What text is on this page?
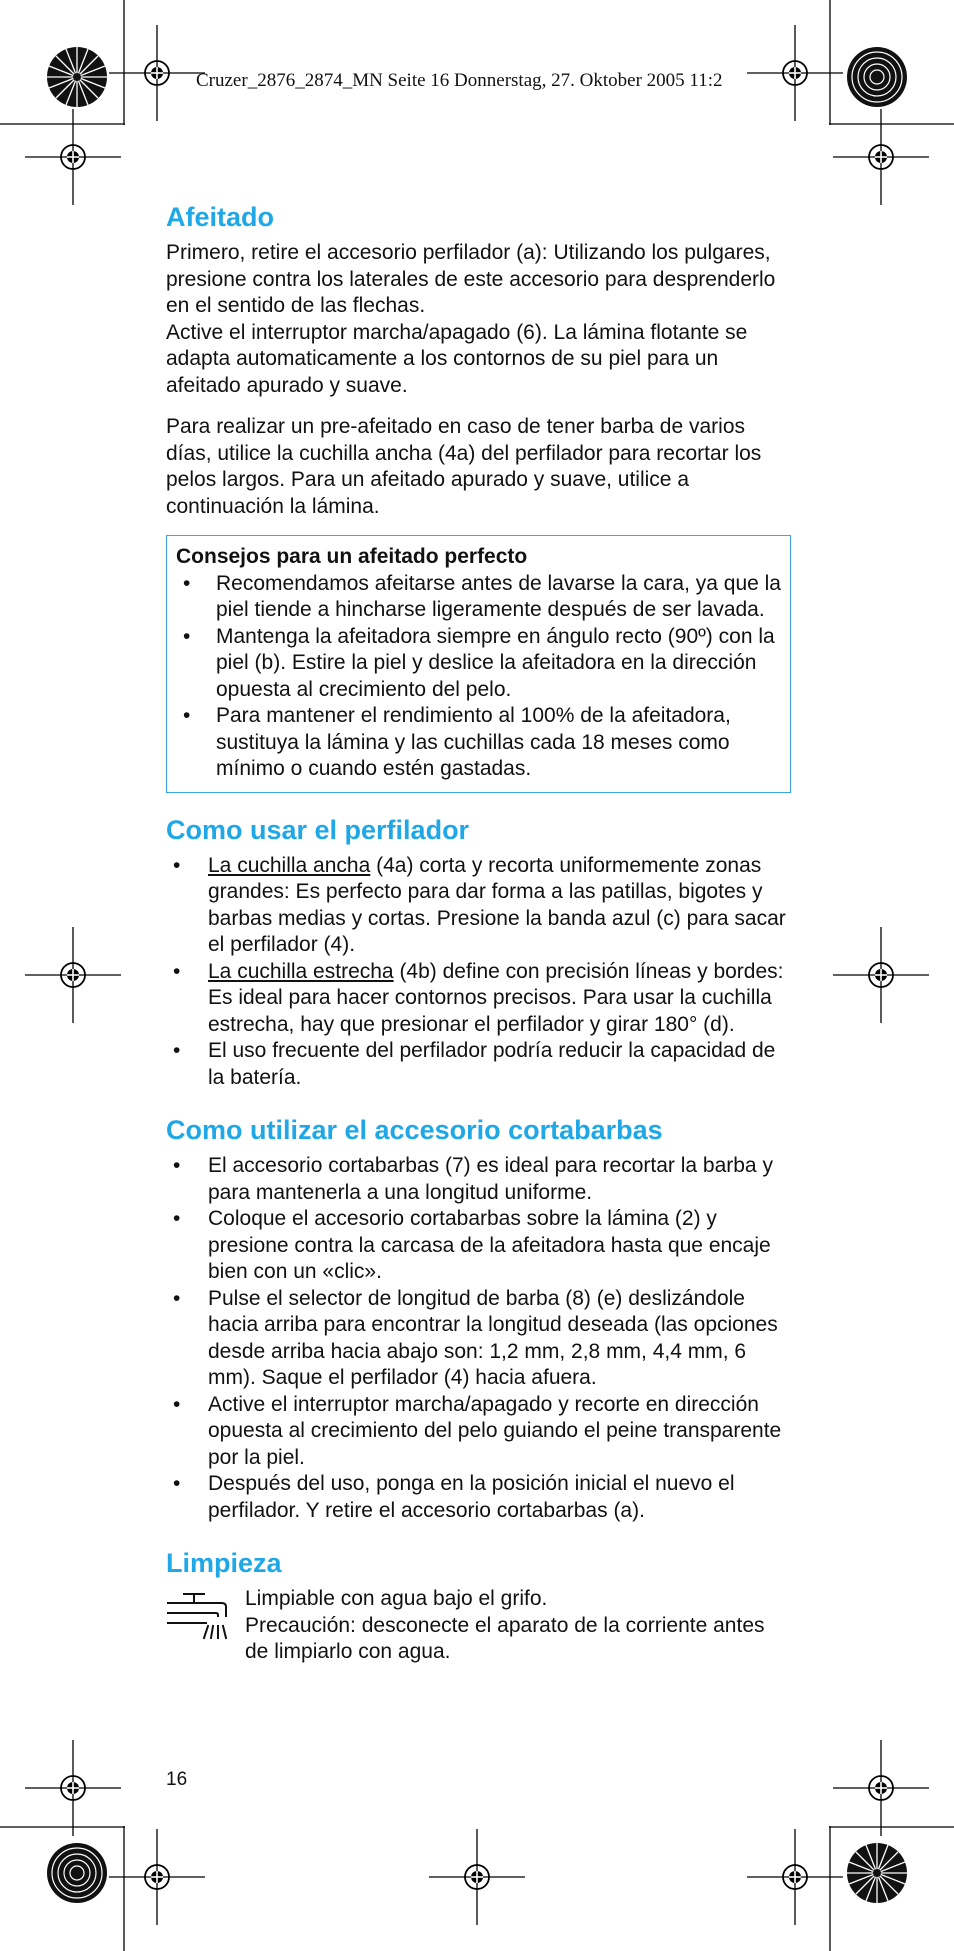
Cruzer_2876_2874_MN Seite 16 Donnerstag, 27. Oktober 2005 11:2
Afeitado

Primero, retire el accesorio perfilador (a): Utilizando los pulgares, presione contra los laterales de este accesorio para desprenderlo en el sentido de las flechas.
Active el interruptor marcha/apagado (6). La lámina flotante se adapta automaticamente a los contornos de su piel para un afeitado apurado y suave.

Para realizar un pre-afeitado en caso de tener barba de varios días, utilice la cuchilla ancha (4a) del perfilador para recortar los pelos largos. Para un afeitado apurado y suave, utilice a continuación la lámina.

Consejos para un afeitado perfecto
• Recomendamos afeitarse antes de lavarse la cara, ya que la piel tiende a hincharse ligeramente después de ser lavada.
• Mantenga la afeitadora siempre en ángulo recto (90º) con la piel (b). Estire la piel y deslice la afeitadora en la dirección opuesta al crecimiento del pelo.
• Para mantener el rendimiento al 100% de la afeitadora, sustituya la lámina y las cuchillas cada 18 meses como mínimo o cuando estén gastadas.
Como usar el perfilador
• La cuchilla ancha (4a) corta y recorta uniformemente zonas grandes: Es perfecto para dar forma a las patillas, bigotes y barbas medias y cortas. Presione la banda azul (c) para sacar el perfilador (4).
• La cuchilla estrecha (4b) define con precisión líneas y bordes: Es ideal para hacer contornos precisos. Para usar la cuchilla estrecha, hay que presionar el perfilador y girar 180° (d).
• El uso frecuente del perfilador podría reducir la capacidad de la batería.
Como utilizar el accesorio cortabarbas
• El accesorio cortabarbas (7) es ideal para recortar la barba y para mantenerla a una longitud uniforme.
• Coloque el accesorio cortabarbas sobre la lámina (2) y presione contra la carcasa de la afeitadora hasta que encaje bien con un «clic».
• Pulse el selector de longitud de barba (8) (e) deslizándole hacia arriba para encontrar la longitud deseada (las opciones desde arriba hacia abajo son: 1,2 mm, 2,8 mm, 4,4 mm, 6 mm). Saque el perfilador (4) hacia afuera.
• Active el interruptor marcha/apagado y recorte en dirección opuesta al crecimiento del pelo guiando el peine transparente por la piel.
• Después del uso, ponga en la posición inicial el nuevo el perfilador. Y retire el accesorio cortabarbas (a).
Limpieza
Limpiable con agua bajo el grifo.
Precaución: desconecte el aparato de la corriente antes de limpiarlo con agua.
16
